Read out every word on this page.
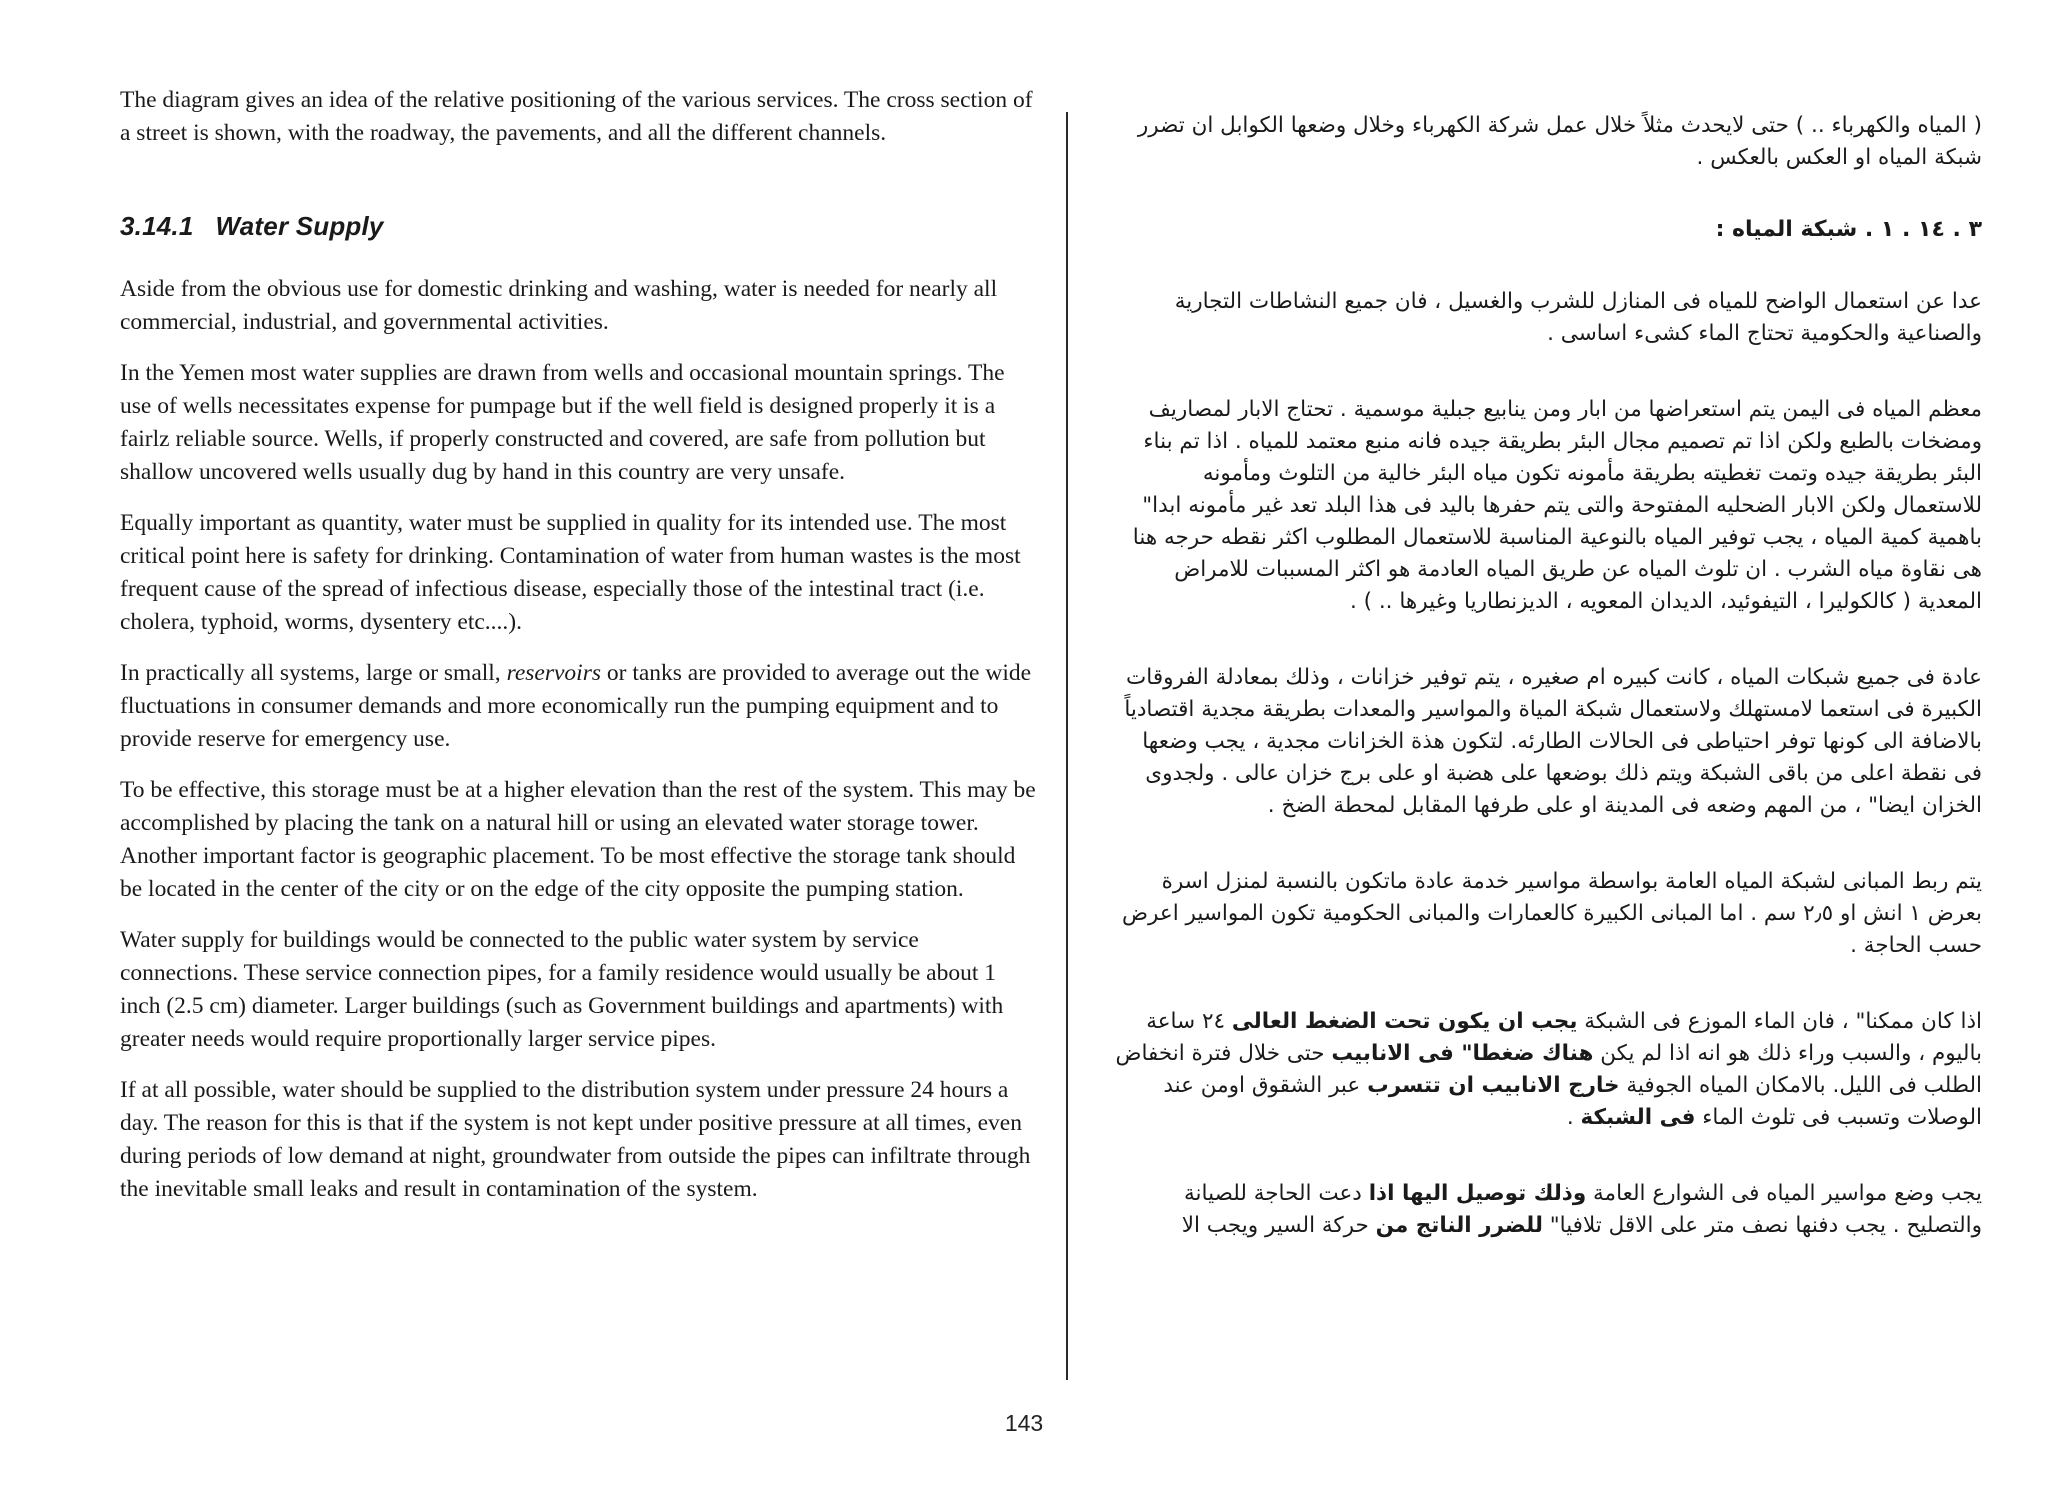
The diagram gives an idea of the relative positioning of the various services. The cross section of a street is shown, with the roadway, the pavements, and all the different channels.

3.14.1 Water Supply

Aside from the obvious use for domestic drinking and washing, water is needed for nearly all commercial, industrial, and governmental activities.

In the Yemen most water supplies are drawn from wells and occasional mountain springs. The use of wells necessitates expense for pumpage but if the well field is designed properly it is a fairlz reliable source. Wells, if properly constructed and covered, are safe from pollution but shallow uncovered wells usually dug by hand in this country are very unsafe.

Equally important as quantity, water must be supplied in quality for its intended use. The most critical point here is safety for drinking. Contamination of water from human wastes is the most frequent cause of the spread of infectious disease, especially those of the intestinal tract (i.e. cholera, typhoid, worms, dysentery etc....).

In practically all systems, large or small, reservoirs or tanks are provided to average out the wide fluctuations in consumer demands and more economically run the pumping equipment and to provide reserve for emergency use.

To be effective, this storage must be at a higher elevation than the rest of the system. This may be accomplished by placing the tank on a natural hill or using an elevated water storage tower. Another important factor is geographic placement. To be most effective the storage tank should be located in the center of the city or on the edge of the city opposite the pumping station.

Water supply for buildings would be connected to the public water system by service connections. These service connection pipes, for a family residence would usually be about 1 inch (2.5 cm) diameter. Larger buildings (such as Government buildings and apartments) with greater needs would require proportionally larger service pipes.

If at all possible, water should be supplied to the distribution system under pressure 24 hours a day. The reason for this is that if the system is not kept under positive pressure at all times, even during periods of low demand at night, groundwater from outside the pipes can infiltrate through the inevitable small leaks and result in contamination of the system.

( المياه والكهرباء .. ) حتى لايحدث مثلاً خلال عمل شركة الكهرباء وخلال وضعها الكوابل ان تضرر شبكة المياه او العكس بالعكس .

٣ . ١٤ . ١ . شبكة المياه :

عدا عن استعمال الواضح للمياه فى المنازل للشرب والغسيل ، فان جميع النشاطات التجارية والصناعية والحكومية تحتاج الماء كشىء اساسى .

معظم المياه فى اليمن يتم استعراضها من ابار ومن ينابيع جبلية موسمية . تحتاج الابار لمصاريف ومضخات بالطبع ولكن اذا تم تصميم مجال البئر بطريقة جيده فانه منبع معتمد للمياه . اذا تم بناء البئر بطريقة جيده وتمت تغطيته بطريقة مأمونه تكون مياه البئر خالية من التلوث ومأمونه للاستعمال ولكن الابار الضحليه المفتوحة والتى يتم حفرها باليد فى هذا البلد تعد غير مأمونه ابدا" باهمية كمية المياه ، يجب توفير المياه بالنوعية المناسبة للاستعمال المطلوب اكثر نقطه حرجه هنا هى نقاوة مياه الشرب . ان تلوث المياه عن طريق المياه العادمة هو اكثر المسببات للامراض المعدية ( كالكوليرا ، التيفوئيد، الديدان المعويه ، الديزنطاريا وغيرها .. ) .

عادة فى جميع شبكات المياه ، كانت كبيره ام صغيره ، يتم توفير خزانات ، وذلك بمعادلة الفروقات الكبيرة فى استعما لامستهلك ولاستعمال شبكة المياة والمواسير والمعدات بطريقة مجدية اقتصادياً بالاضافة الى كونها توفر احتياطى فى الحالات الطارئه. لتكون هذة الخزانات مجدية ، يجب وضعها فى نقطة اعلى من باقى الشبكة ويتم ذلك بوضعها على هضبة او على برج خزان عالى . ولجدوى الخزان ايضا" ، من المهم وضعه فى المدينة او على طرفها المقابل لمحطة الضخ .

يتم ربط المبانى لشبكة المياه العامة بواسطة مواسير خدمة عادة ماتكون بالنسبة لمنزل اسرة بعرض ١ انش او ٢٫٥ سم . اما المبانى الكبيرة كالعمارات والمبانى الحكومية تكون المواسير اعرض حسب الحاجة .

اذا كان ممكنا" ، فان الماء الموزع فى الشبكة يجب ان يكون تحت الضغط العالى ٢٤ ساعة باليوم ، والسبب وراء ذلك هو انه اذا لم يكن هناك ضغطا" فى الانابيب حتى خلال فترة انخفاض الطلب فى الليل. بالامكان المياه الجوفية خارج الانابيب ان تتسرب عبر الشقوق اومن عند الوصلات وتسبب فى تلوث الماء فى الشبكة .

يجب وضع مواسير المياه فى الشوارع العامة وذلك توصيل اليها اذا دعت الحاجة للصيانة والتصليح . يجب دفنها نصف متر على الاقل تلافيا" للضرر الناتج من حركة السير ويجب الا

143
